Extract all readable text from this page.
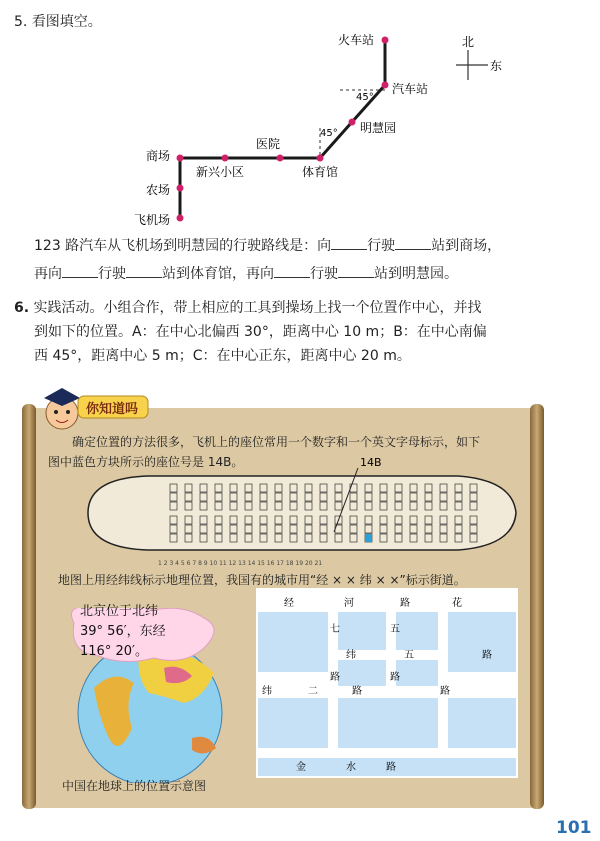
5. 看图填空。
火车站
汽车站
明慧园
医院
商场
新兴小区	体育馆
农场
飞机场
45°
45°
北
东
123 路汽车从飞机场到明慧园的行驶路线是：向	行驶	站到商场，
再向	行驶	站到体育馆，再向	行驶	站到明慧园。
6. 实践活动。小组合作，带上相应的工具到操场上找一个位置作中心，并找
到如下的位置。A：在中心北偏西 30°，距离中心 10 m；B：在中心南偏
西 45°，距离中心 5 m；C：在中心正东，距离中心 20 m。
你知道吗
确定位置的方法很多，飞机上的座位常用一个数字和一个英文字母标示，如下
图中蓝色方块所示的座位号是 14B。	14B
1 2 3 4 5 6 7 8 9 10 11 12 13 14 15 16 17 18 19 20 21
地图上用经纬线标示地理位置，我国有的城市用“经 × × 纬 × ×”标示街道。
北京位于北纬
39° 56′，东经
116° 20′。
中国在地球上的位置示意图
经	河	路	花
七	五
纬	五	路
路	路
纬	二	路	路
金	水	路
101
